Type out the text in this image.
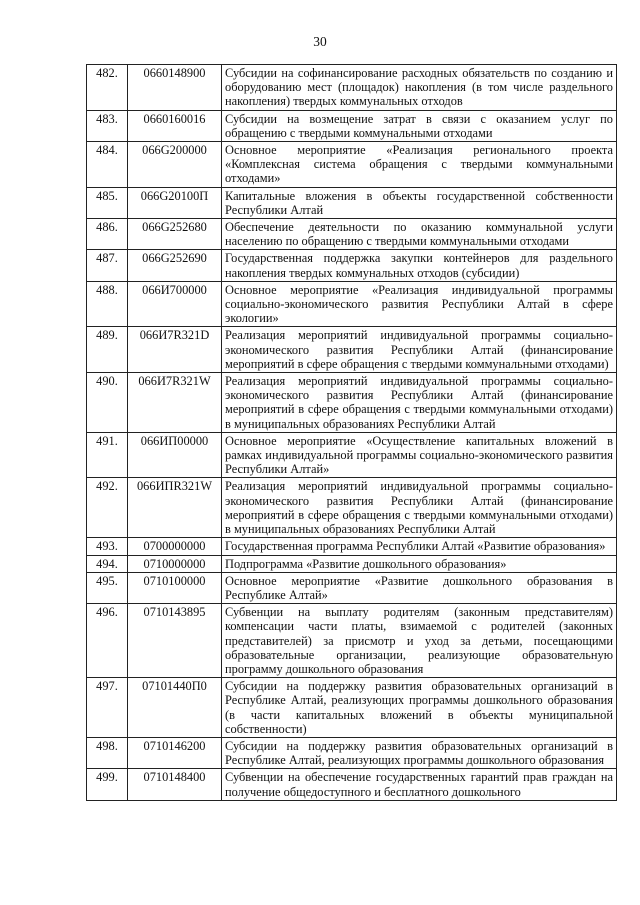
30
482.	0660148900	Субсидии на софинансирование расходных обязательств по созданию и оборудованию мест (площадок) накопления (в том числе раздельного накопления) твердых коммунальных отходов
483.	0660160016	Субсидии на возмещение затрат в связи с оказанием услуг по обращению с твердыми коммунальными отходами
484.	066G200000	Основное мероприятие «Реализация регионального проекта «Комплексная система обращения с твердыми коммунальными отходами»
485.	066G20100П	Капитальные вложения в объекты государственной собственности Республики Алтай
486.	066G252680	Обеспечение деятельности по оказанию коммунальной услуги населению по обращению с твердыми коммунальными отходами
487.	066G252690	Государственная поддержка закупки контейнеров для раздельного накопления твердых коммунальных отходов (субсидии)
488.	066И700000	Основное мероприятие «Реализация индивидуальной программы социально-экономического развития Республики Алтай в сфере экологии»
489.	066И7R321D	Реализация мероприятий индивидуальной программы социально-экономического развития Республики Алтай (финансирование мероприятий в сфере обращения с твердыми коммунальными отходами)
490.	066И7R321W	Реализация мероприятий индивидуальной программы социально-экономического развития Республики Алтай (финансирование мероприятий в сфере обращения с твердыми коммунальными отходами) в муниципальных образованиях Республики Алтай
491.	066ИП00000	Основное мероприятие «Осуществление капитальных вложений в рамках индивидуальной программы социально-экономического развития Республики Алтай»
492.	066ИПR321W	Реализация мероприятий индивидуальной программы социально-экономического развития Республики Алтай (финансирование мероприятий в сфере обращения с твердыми коммунальными отходами) в муниципальных образованиях Республики Алтай
493.	0700000000	Государственная программа Республики Алтай «Развитие образования»
494.	0710000000	Подпрограмма «Развитие дошкольного образования»
495.	0710100000	Основное мероприятие «Развитие дошкольного образования в Республике Алтай»
496.	0710143895	Субвенции на выплату родителям (законным представителям) компенсации части платы, взимаемой с родителей (законных представителей) за присмотр и уход за детьми, посещающими образовательные организации, реализующие образовательную программу дошкольного образования
497.	07101440П0	Субсидии на поддержку развития образовательных организаций в Республике Алтай, реализующих программы дошкольного образования (в части капитальных вложений в объекты муниципальной собственности)
498.	0710146200	Субсидии на поддержку развития образовательных организаций в Республике Алтай, реализующих программы дошкольного образования
499.	0710148400	Субвенции на обеспечение государственных гарантий прав граждан на получение общедоступного и бесплатного дошкольного
